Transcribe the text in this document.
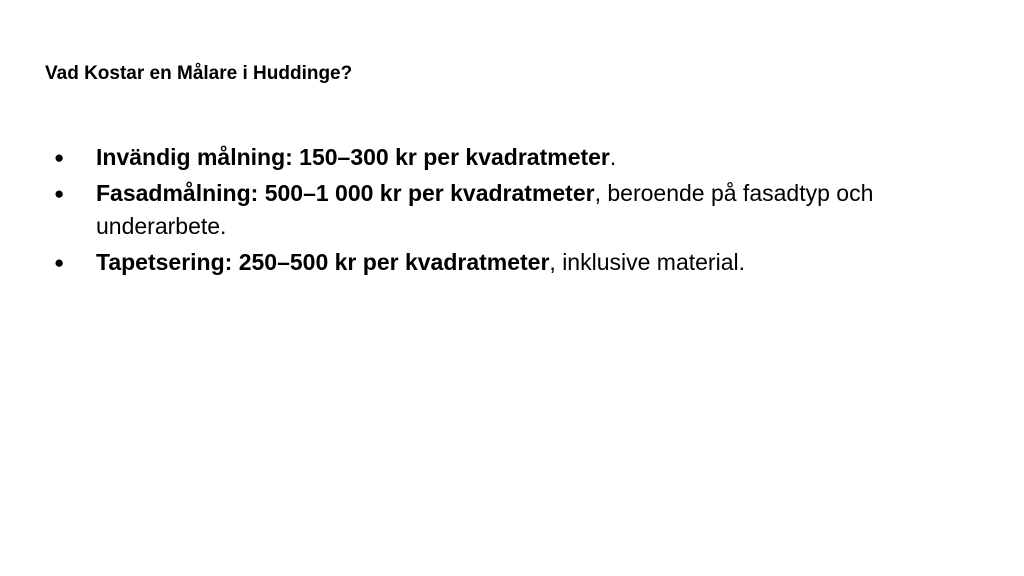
Vad Kostar en Målare i Huddinge?
● Invändig målning: 150–300 kr per kvadratmeter.
● Fasadmålning: 500–1 000 kr per kvadratmeter, beroende på fasadtyp och underarbete.
● Tapetsering: 250–500 kr per kvadratmeter, inklusive material.
